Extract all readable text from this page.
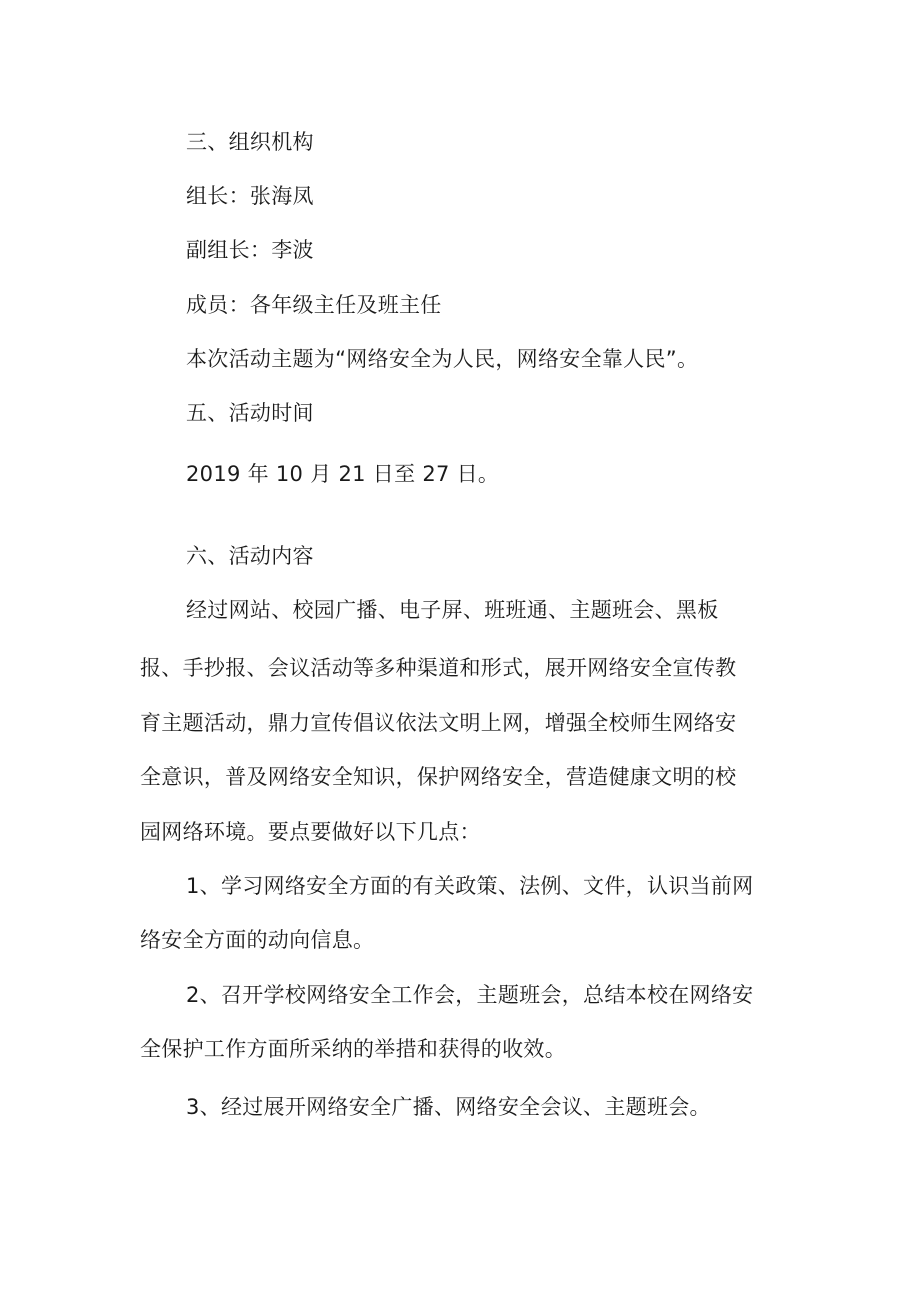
三、组织机构
组长：张海凤
副组长：李波
成员：各年级主任及班主任
本次活动主题为“网络安全为人民，网络安全靠人民”。
五、活动时间
2019 年 10 月 21 日至 27 日。
六、活动内容
经过网站、校园广播、电子屏、班班通、主题班会、黑板
报、手抄报、会议活动等多种渠道和形式，展开网络安全宣传教
育主题活动，鼎力宣传倡议依法文明上网，增强全校师生网络安
全意识，普及网络安全知识，保护网络安全，营造健康文明的校
园网络环境。要点要做好以下几点：
1、学习网络安全方面的有关政策、法例、文件，认识当前网
络安全方面的动向信息。
2、召开学校网络安全工作会，主题班会，总结本校在网络安
全保护工作方面所采纳的举措和获得的收效。
3、经过展开网络安全广播、网络安全会议、主题班会。
